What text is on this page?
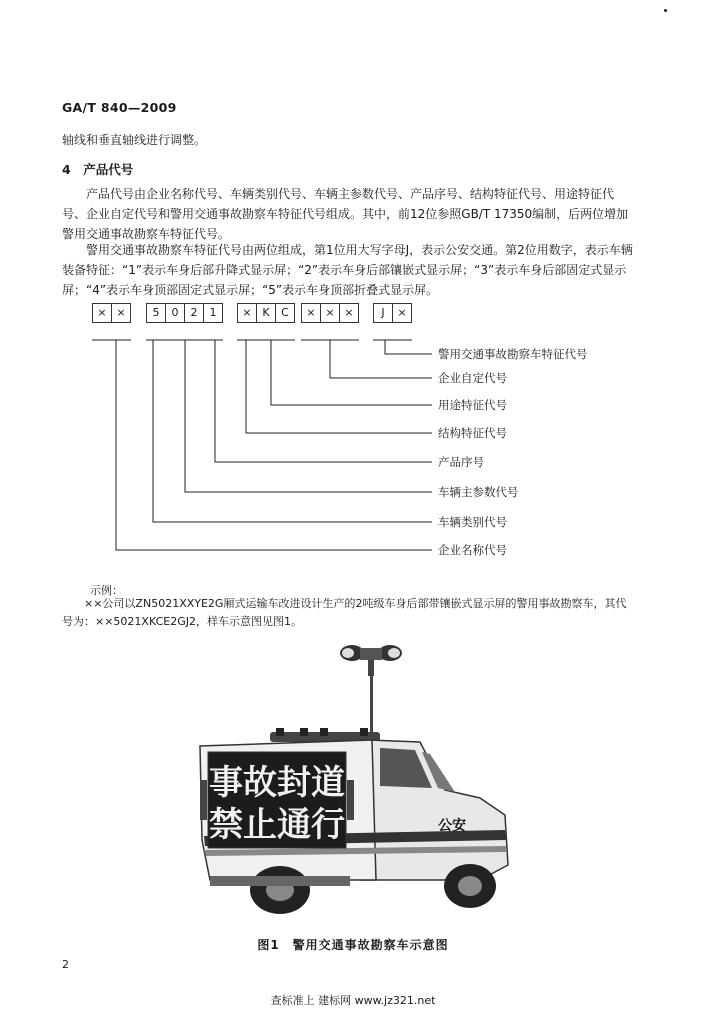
GA/T 840—2009
轴线和垂直轴线进行调整。
4　产品代号
产品代号由企业名称代号、车辆类别代号、车辆主参数代号、产品序号、结构特征代号、用途特征代号、企业自定代号和警用交通事故勘察车特征代号组成。其中，前12位参照GB/T 17350编制，后两位增加警用交通事故勘察车特征代号。
警用交通事故勘察车特征代号由两位组成，第1位用大写字母J，表示公安交通。第2位用数字，表示车辆装备特征：“1”表示车身后部升降式显示屏；“2”表示车身后部镶嵌式显示屏；“3”表示车身后部固定式显示屏；“4”表示车身顶部固定式显示屏；“5”表示车身顶部折叠式显示屏。
× ×	5	0	2	1	× K	C	× × ×	J	×
警用交通事故勘察车特征代号
企业自定代号
用途特征代号
结构特征代号
产品序号
车辆主参数代号
车辆类别代号
企业名称代号
示例：
××公司以ZN5021XXYE2G厢式运输车改进设计生产的2吨级车身后部带镶嵌式显示屏的警用事故勘察车，其代号为：××5021XKCE2GJ2，样车示意图见图1。
事故封道
禁止通行	公安
图1　警用交通事故勘察车示意图
2
查标准上 建标网 www.jz321.net
